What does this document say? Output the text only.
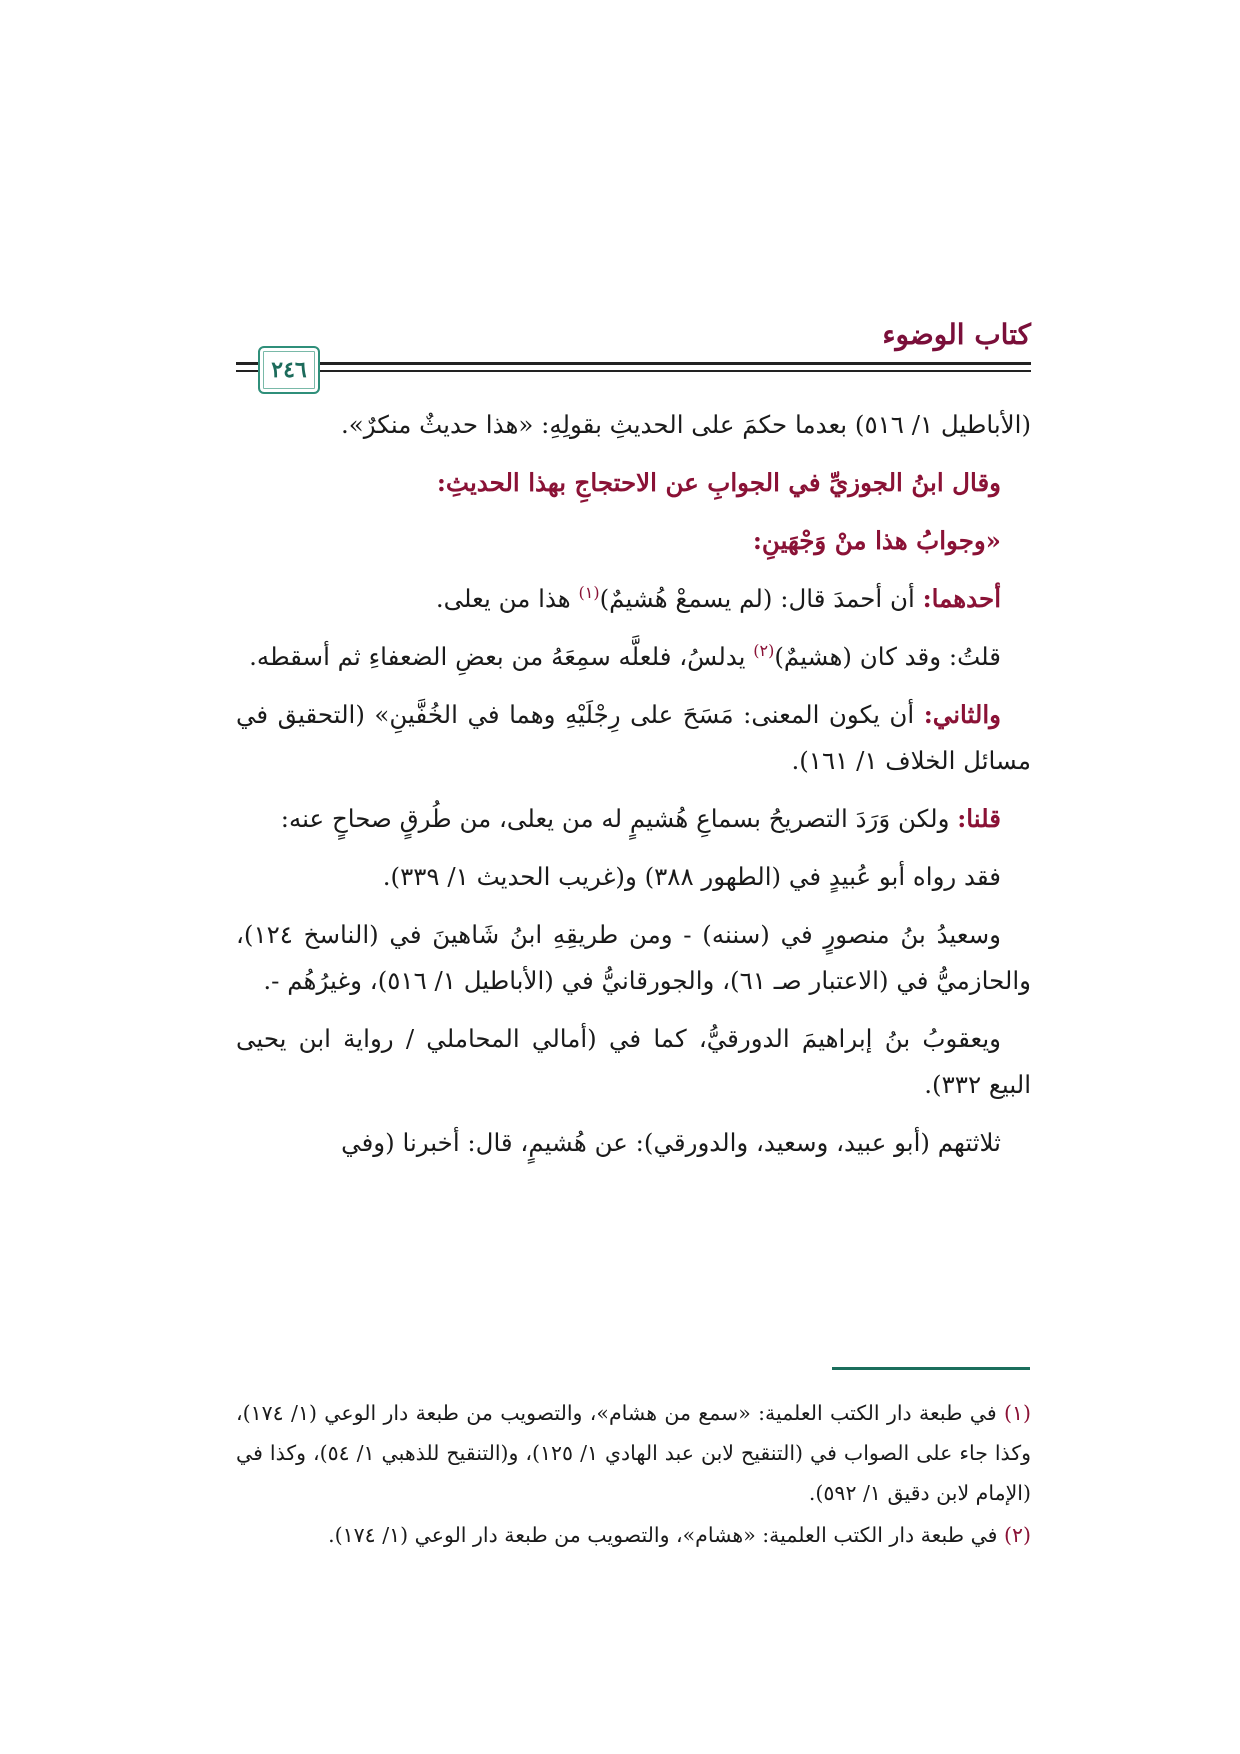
كتاب الوضوء
٢٤٦

(الأباطيل ١/ ٥١٦) بعدما حكمَ على الحديثِ بقولِهِ: «هذا حديثٌ منكرٌ».

وقال ابنُ الجوزيِّ في الجوابِ عن الاحتجاجِ بهذا الحديثِ:

«وجوابُ هذا منْ وَجْهَينِ:

أحدهما: أن أحمدَ قال: (لم يسمعْ هُشيمٌ)$^{(١)}$ هذا من يعلى.

قلتُ: وقد كان (هشيمٌ)$^{(٢)}$ يدلسُ، فلعلَّه سمِعَهُ من بعضِ الضعفاءِ ثم أسقطه.

والثاني: أن يكون المعنى: مَسَحَ على رِجْلَيْهِ وهما في الخُفَّينِ» (التحقيق في مسائل الخلاف ١/ ١٦١).

قلنا: ولكن وَرَدَ التصريحُ بسماعِ هُشيمٍ له من يعلى، من طُرقٍ صحاحٍ عنه:

فقد رواه أبو عُبيدٍ في (الطهور ٣٨٨) و(غريب الحديث ١/ ٣٣٩).

وسعيدُ بنُ منصورٍ في (سننه) - ومن طريقِهِ ابنُ شَاهينَ في (الناسخ ١٢٤)، والحازميُّ في (الاعتبار صـ ٦١)، والجورقانيُّ في (الأباطيل ١/ ٥١٦)، وغيرُهُم -.

ويعقوبُ بنُ إبراهيمَ الدورقيُّ، كما في (أمالي المحاملي / رواية ابن يحيى البيع ٣٣٢).

ثلاثتهم (أبو عبيد، وسعيد، والدورقي): عن هُشيمٍ، قال: أخبرنا (وفي

(١) في طبعة دار الكتب العلمية: «سمع من هشام»، والتصويب من طبعة دار الوعي (١/ ١٧٤)، وكذا جاء على الصواب في (التنقيح لابن عبد الهادي ١/ ١٢٥)، و(التنقيح للذهبي ١/ ٥٤)، وكذا في (الإمام لابن دقيق ١/ ٥٩٢).

(٢) في طبعة دار الكتب العلمية: «هشام»، والتصويب من طبعة دار الوعي (١/ ١٧٤).
